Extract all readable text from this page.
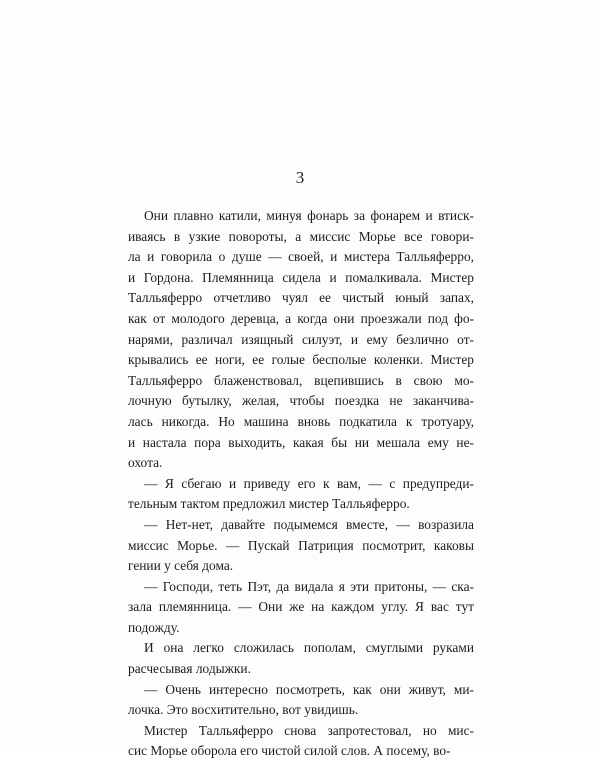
3
Они плавно катили, минуя фонарь за фонарем и втиск-
иваясь в узкие повороты, а миссис Морье все говори-
ла и говорила о душе — своей, и мистера Талльяферро,
и Гордона. Племянница сидела и помалкивала. Мистер
Талльяферро отчетливо чуял ее чистый юный запах,
как от молодого деревца, а когда они проезжали под фо-
нарями, различал изящный силуэт, и ему безлично от-
крывались ее ноги, ее голые бесполые коленки. Мистер
Талльяферро блаженствовал, вцепившись в свою мо-
лочную бутылку, желая, чтобы поездка не заканчива-
лась никогда. Но машина вновь подкатила к тротуару,
и настала пора выходить, какая бы ни мешала ему не-
охота.
— Я сбегаю и приведу его к вам, — с предупреди-
тельным тактом предложил мистер Талльяферро.
— Нет-нет, давайте подымемся вместе, — возразила
миссис Морье. — Пускай Патриция посмотрит, каковы
гении у себя дома.
— Господи, теть Пэт, да видала я эти притоны, — ска-
зала племянница. — Они же на каждом углу. Я вас тут
подожду.
И она легко сложилась пополам, смуглыми руками
расчесывая лодыжки.
— Очень интересно посмотреть, как они живут, ми-
лочка. Это восхитительно, вот увидишь.
Мистер Талльяферро снова запротестовал, но мис-
сис Морье оборола его чистой силой слов. А посему, во-
